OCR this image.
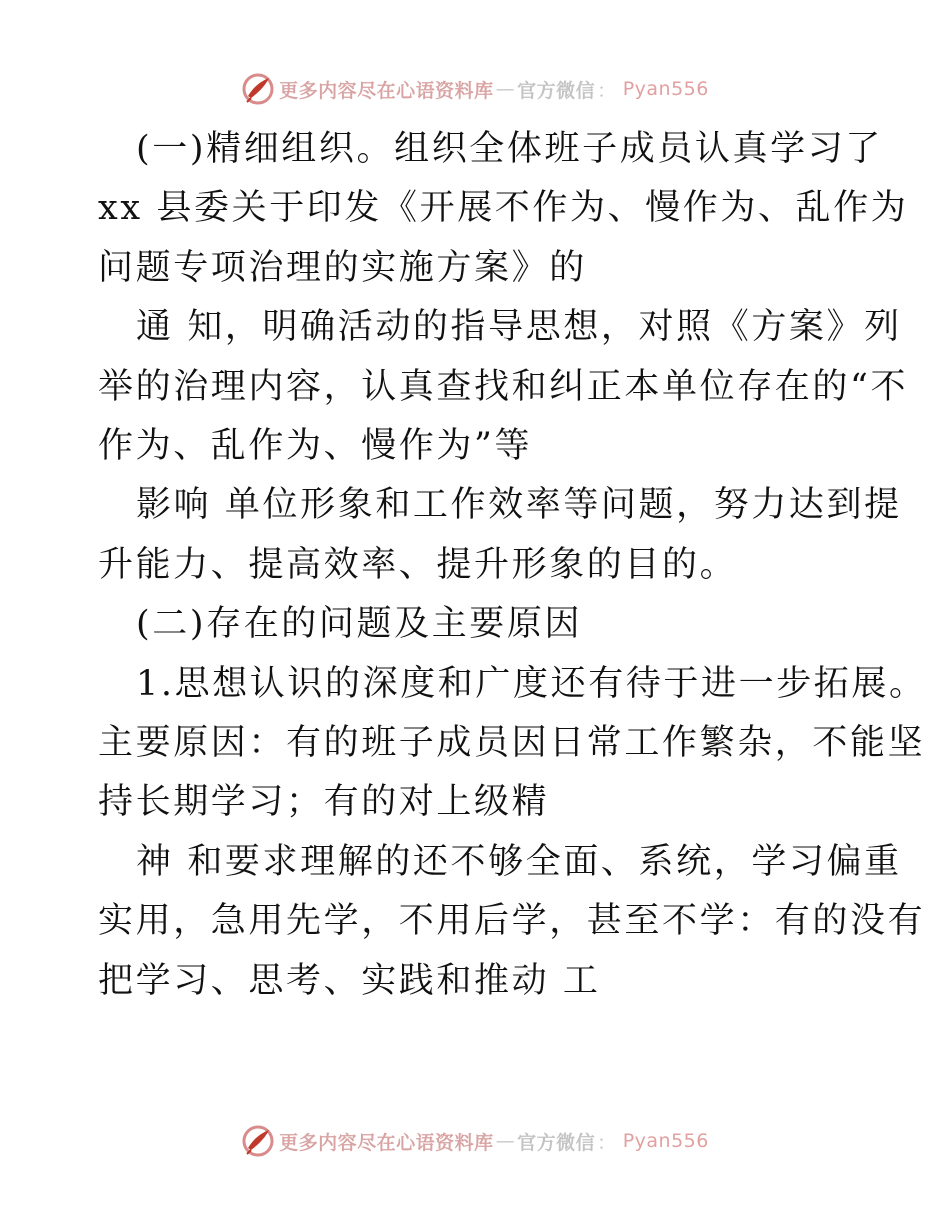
更多内容尽在心语资料库 — 官方微信 ： Pyan556
(一)精细组织。组织全体班子成员认真学习了
xx 县委关于印发《开展不作为、慢作为、乱作为
问题专项治理的实施方案》的
通 知，明确活动的指导思想，对照《方案》列
举的治理内容，认真查找和纠正本单位存在的“不
作为、乱作为、慢作为”等
影响 单位形象和工作效率等问题，努力达到提
升能力、提高效率、提升形象的目的。
(二)存在的问题及主要原因
1.思想认识的深度和广度还有待于进一步拓展。
主要原因：有的班子成员因日常工作繁杂，不能坚
持长期学习；有的对上级精
神 和要求理解的还不够全面、系统，学习偏重
实用，急用先学，不用后学，甚至不学：有的没有
把学习、思考、实践和推动 工
更多内容尽在心语资料库 — 官方微信 ： Pyan556
